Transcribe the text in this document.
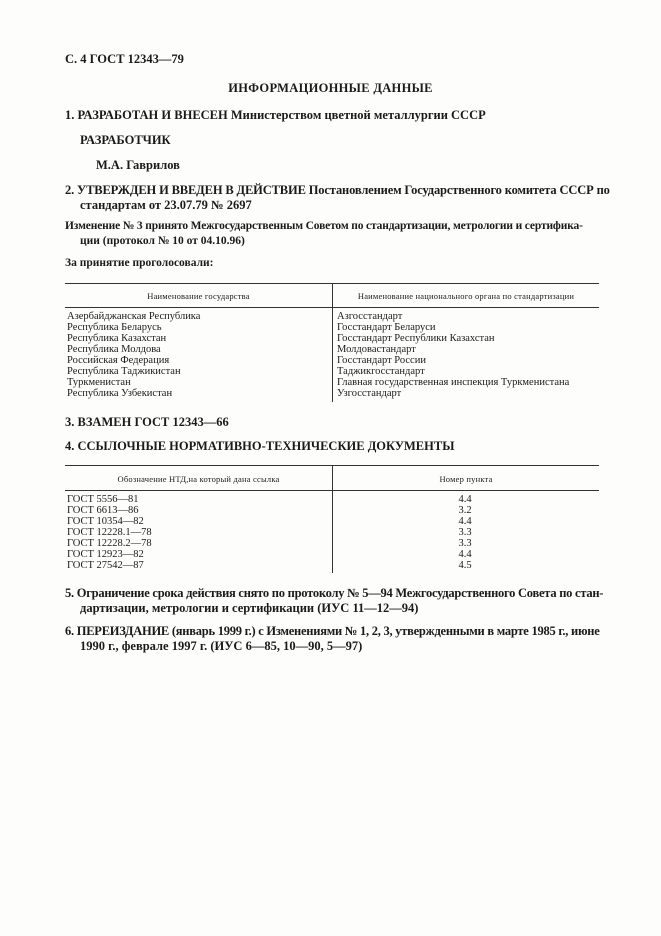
С. 4 ГОСТ 12343—79
ИНФОРМАЦИОННЫЕ ДАННЫЕ
1. РАЗРАБОТАН И ВНЕСЕН Министерством цветной металлургии СССР
РАЗРАБОТЧИК
М.А. Гаврилов
2. УТВЕРЖДЕН И ВВЕДЕН В ДЕЙСТВИЕ Постановлением Государственного комитета СССР по
стандартам от 23.07.79 № 2697
Изменение № 3 принято Межгосударственным Советом по стандартизации, метрологии и сертифика-
ции (протокол № 10 от 04.10.96)
За принятие проголосовали:
Наименование государства	Наименование национального органа по стандартизации
Азербайджанская Республика	Азгосстандарт
Республика Беларусь	Госстандарт Беларуси
Республика Казахстан	Госстандарт Республики Казахстан
Республика Молдова	Молдовастандарт
Российская Федерация	Госстандарт России
Республика Таджикистан	Таджикгосстандарт
Туркменистан	Главная государственная инспекция Туркменистана
Республика Узбекистан	Узгосстандарт
3. ВЗАМЕН ГОСТ 12343—66
4. ССЫЛОЧНЫЕ НОРМАТИВНО-ТЕХНИЧЕСКИЕ ДОКУМЕНТЫ
Обозначение НТД,на который дана ссылка	Номер пункта
ГОСТ 5556—81	4.4
ГОСТ 6613—86	3.2
ГОСТ 10354—82	4.4
ГОСТ 12228.1—78	3.3
ГОСТ 12228.2—78	3.3
ГОСТ 12923—82	4.4
ГОСТ 27542—87	4.5
5. Ограничение срока действия снято по протоколу № 5—94 Межгосударственного Совета по стан-
дартизации, метрологии и сертификации (ИУС 11—12—94)
6. ПЕРЕИЗДАНИЕ (январь 1999 г.) с Изменениями № 1, 2, 3, утвержденными в марте 1985 г., июне
1990 г., феврале 1997 г. (ИУС 6—85, 10—90, 5—97)
